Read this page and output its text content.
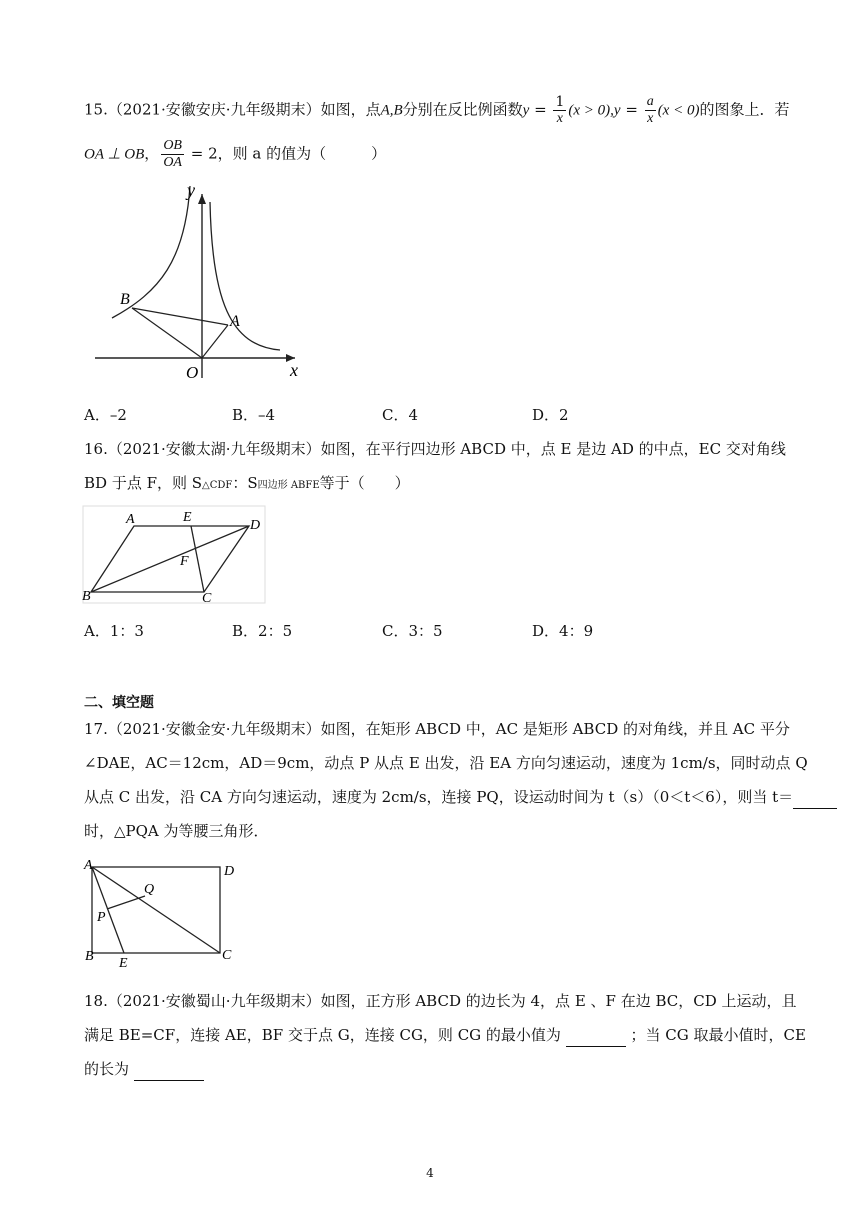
15.（2021·安徽安庆·九年级期末）如图，点A,B分别在反比例函数$y = \frac{1}{x} (x > 0),y = \frac{a}{x} (x < 0)$的图象上．若
OA ⊥ OB， $\frac{OB}{OA} = 2$，则 a 的值为（　　　）
y
x
O
A
B
A．–2	B．–4	C．4	D．2
16.（2021·安徽太湖·九年级期末）如图，在平行四边形 ABCD 中，点 E 是边 AD 的中点，EC 交对角线
BD 于点 F，则 S△CDF：S四边形 ABFE等于（　　）
A	E
D
F
B	C
A．1：3	B．2：5	C．3：5	D．4：9
二、填空题
17.（2021·安徽金安·九年级期末）如图，在矩形 ABCD 中，AC 是矩形 ABCD 的对角线，并且 AC 平分
∠DAE，AC＝12cm，AD＝9cm，动点 P 从点 E 出发，沿 EA 方向匀速运动，速度为 1cm/s，同时动点 Q
从点 C 出发，沿 CA 方向匀速运动，速度为 2cm/s，连接 PQ，设运动时间为 t（s）（0＜t＜6），则当 t＝
时，△PQA 为等腰三角形．
A	D
Q
P
B E
C
18.（2021·安徽蜀山·九年级期末）如图，正方形 ABCD 的边长为 4，点 E 、F 在边 BC，CD 上运动，且
满足 BE=CF，连接 AE，BF 交于点 G，连接 CG，则 CG 的最小值为	；当 CG 取最小值时，CE
的长为
4
